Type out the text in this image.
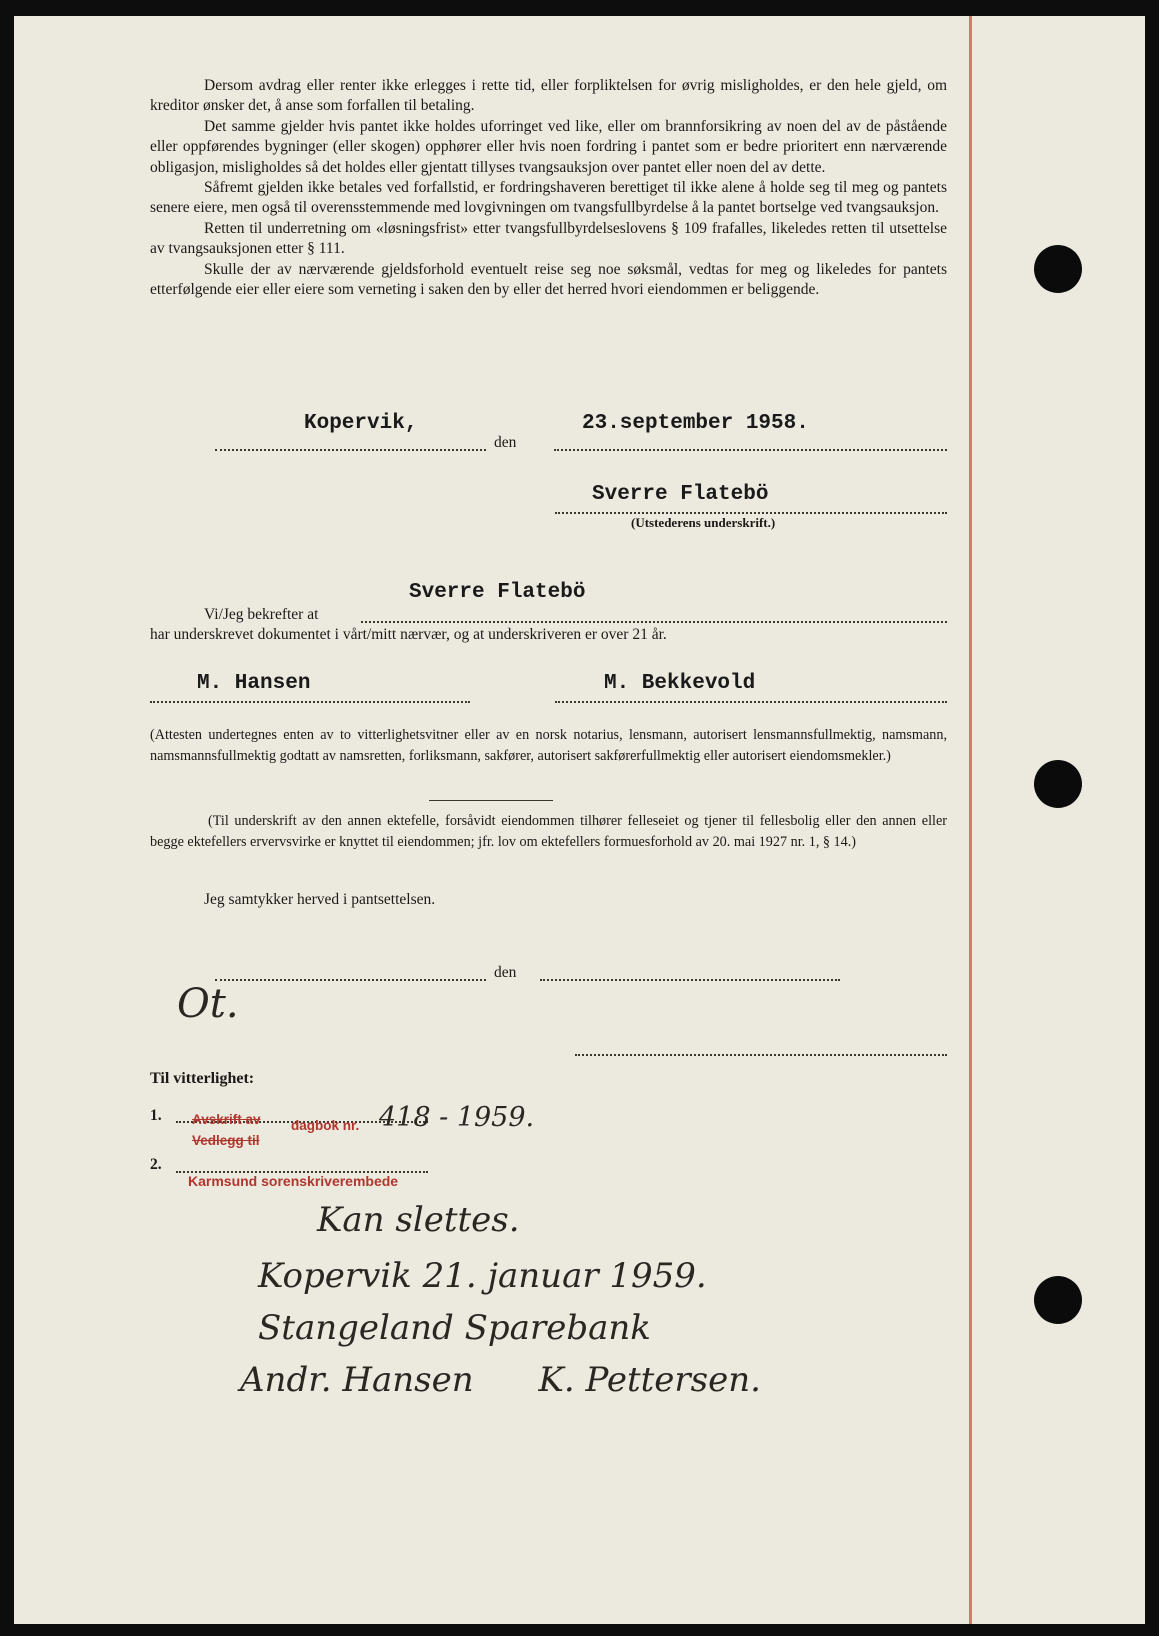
Dersom avdrag eller renter ikke erlegges i rette tid, eller forpliktelsen for øvrig misligholdes, er den hele gjeld, om kreditor ønsker det, å anse som forfallen til betaling.

Det samme gjelder hvis pantet ikke holdes uforringet ved like, eller om brannforsikring av noen del av de påstående eller oppførendes bygninger (eller skogen) opphører eller hvis noen fordring i pantet som er bedre prioritert enn nærværende obligasjon, misligholdes så det holdes eller gjentatt tillyses tvangsauksjon over pantet eller noen del av dette.

Såfremt gjelden ikke betales ved forfallstid, er fordringshaveren berettiget til ikke alene å holde seg til meg og pantets senere eiere, men også til overensstemmende med lovgivningen om tvangsfullbyrdelse å la pantet bortselge ved tvangsauksjon.

Retten til underretning om «løsningsfrist» etter tvangsfullbyrdelseslovens § 109 frafalles, likeledes retten til utsettelse av tvangsauksjonen etter § 111.

Skulle der av nærværende gjeldsforhold eventuelt reise seg noe søksmål, vedtas for meg og likeledes for pantets etterfølgende eier eller eiere som verneting i saken den by eller det herred hvori eiendommen er beliggende.

Kopervik,
den
23.september 1958.
Sverre Flatebö
(Utstederens underskrift.)
Vi/Jeg bekrefter at
Sverre Flatebö
har underskrevet dokumentet i vårt/mitt nærvær, og at underskriveren er over 21 år.
M. Hansen	M. Bekkevold

(Attesten undertegnes enten av to vitterlighetsvitner eller av en norsk notarius, lensmann, autorisert lensmannsfullmektig, namsmann, namsmannsfullmektig godtatt av namsretten, forliksmann, sakfører, autorisert sakførerfullmektig eller autorisert eiendomsmekler.)

(Til underskrift av den annen ektefelle, forsåvidt eiendommen tilhører felleseiet og tjener til fellesbolig eller den annen eller begge ektefellers ervervsvirke er knyttet til eiendommen; jfr. lov om ektefellers formuesforhold av 20. mai 1927 nr. 1, § 14.)

Jeg samtykker herved i pantsettelsen.
den
Ot.
Til vitterlighet:
1.
2.
Avskrift av dagbok nr. 418 - 1959.
Vedlegg til
Karmsund sorenskriverembede
Kan slettes.
Kopervik 21. januar 1959.
Stangeland Sparebank
Andr. Hansen      K. Pettersen.
